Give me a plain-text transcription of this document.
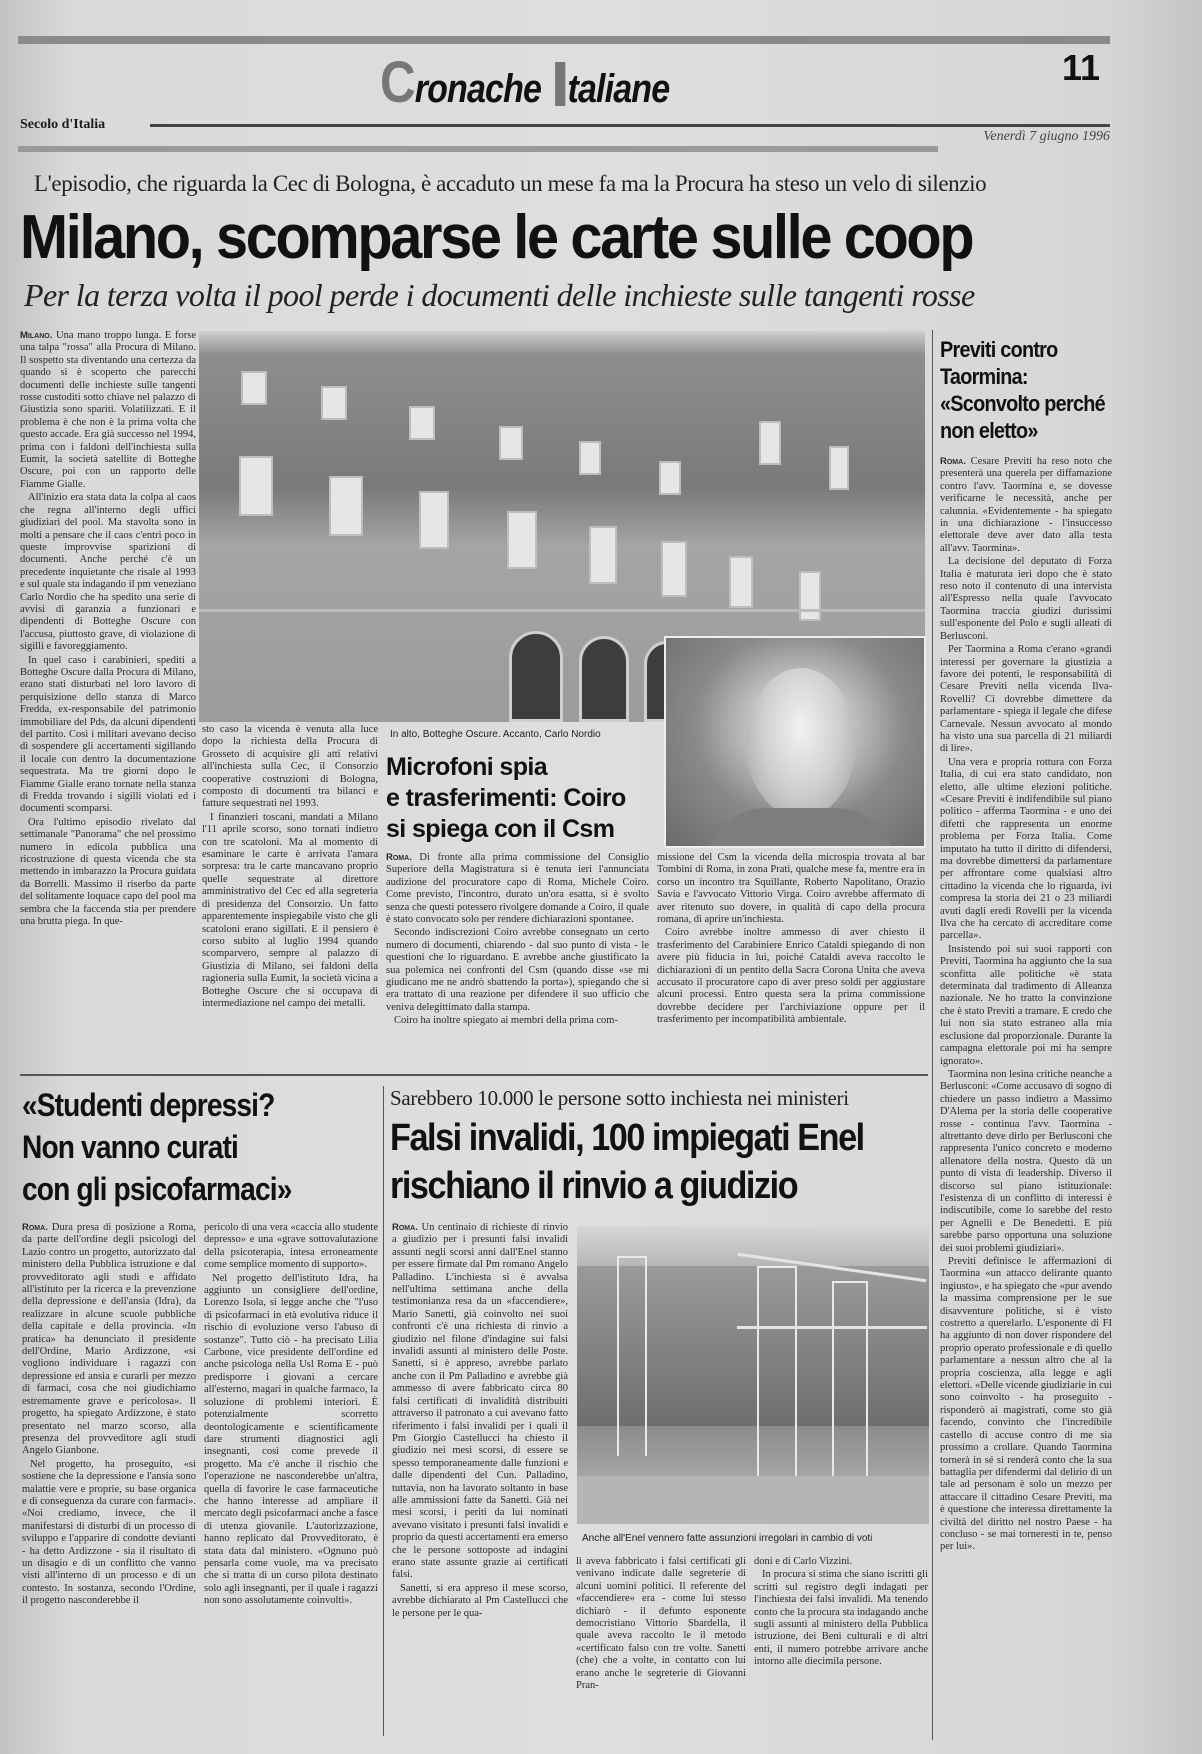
Cronache taliane	11
Secolo d'Italia
Venerdì 7 giugno 1996
L'episodio, che riguarda la Cec di Bologna, è accaduto un mese fa ma la Procura ha steso un velo di silenzio
Milano, scomparse le carte sulle coop
Per la terza volta il pool perde i documenti delle inchieste sulle tangenti rosse

Milano. Una mano troppo lunga. E forse una talpa "rossa" alla Procura di Milano. Il sospetto sta diventando una certezza da quando si è scoperto che parecchi documenti delle inchieste sulle tangenti rosse custoditi sotto chiave nel palazzo di Giustizia sono spariti. Volatilizzati. E il problema è che non è la prima volta che questo accade. Era già successo nel 1994, prima con i faldoni dell'inchiesta sulla Eumit, la società satellite di Botteghe Oscure, poi con un rapporto delle Fiamme Gialle.

All'inizio era stata data la colpa al caos che regna all'interno degli uffici giudiziari del pool. Ma stavolta sono in molti a pensare che il caos c'entri poco in queste improvvise sparizioni di documenti. Anche perché c'è un precedente inquietante che risale al 1993 e sul quale sta indagando il pm veneziano Carlo Nordio che ha spedito una serie di avvisi di garanzia a funzionari e dipendenti di Botteghe Oscure con l'accusa, piuttosto grave, di violazione di sigilli e favoreggiamento.

In quel caso i carabinieri, spediti a Botteghe Oscure dalla Procura di Milano, erano stati disturbati nel loro lavoro di perquisizione dello stanza di Marco Fredda, ex-responsabile del patrimonio immobiliare del Pds, da alcuni dipendenti del partito. Così i militari avevano deciso di sospendere gli accertamenti sigillando il locale con dentro la documentazione sequestrata. Ma tre giorni dopo le Fiamme Gialle erano tornate nella stanza di Fredda trovando i sigilli violati ed i documenti scomparsi.

Ora l'ultimo episodio rivelato dal settimanale "Panorama" che nel prossimo numero in edicola pubblica una ricostruzione di questa vicenda che sta mettendo in imbarazzo la Procura guidata da Borrelli. Massimo il riserbo da parte del solitamente loquace capo del pool ma sembra che la faccenda stia per prendere una brutta piega. In que-

In alto, Botteghe Oscure. Accanto, Carlo Nordio

sto caso la vicenda è venuta alla luce dopo la richiesta della Procura di Grosseto di acquisire gli atti relativi all'inchiesta sulla Cec, il Consorzio cooperative costruzioni di Bologna, composto di documenti tra bilanci e fatture sequestrati nel 1993.

I finanzieri toscani, mandati a Milano l'11 aprile scorso, sono tornati indietro con tre scatoloni. Ma al momento di esaminare le carte è arrivata l'amara sorpresa: tra le carte mancavano proprio quelle sequestrate al direttore amministrativo del Cec ed alla segreteria di presidenza del Consorzio. Un fatto apparentemente inspiegabile visto che gli scatoloni erano sigillati. E il pensiero è corso subito al luglio 1994 quando scomparvero, sempre al palazzo di Giustizia di Milano, sei faldoni della ragioneria sulla Eumit, la società vicina a Botteghe Oscure che si occupava di intermediazione nel campo dei metalli.

Microfoni spia
e trasferimenti: Coiro
si spiega con il Csm

Roma. Di fronte alla prima commissione del Consiglio Superiore della Magistratura si è tenuta ieri l'annunciata audizione del procuratore capo di Roma, Michele Coiro. Come previsto, l'incontro, durato un'ora esatta, si è svolto senza che questi potessero rivolgere domande a Coiro, il quale è stato convocato solo per rendere dichiarazioni spontanee.

Secondo indiscrezioni Coiro avrebbe consegnato un certo numero di documenti, chiarendo - dal suo punto di vista - le questioni che lo riguardano. E avrebbe anche giustificato la sua polemica nei confronti del Csm (quando disse «se mi giudicano me ne andrò sbattendo la porta»), spiegando che si era trattato di una reazione per difendere il suo ufficio che veniva delegittimato dalla stampa.

Coiro ha inoltre spiegato ai membri della prima com-

missione del Csm la vicenda della microspia trovata al bar Tombini di Roma, in zona Prati, qualche mese fa, mentre era in corso un incontro tra Squillante, Roberto Napolitano, Orazio Savia e l'avvocato Vittorio Virga. Coiro avrebbe affermato di aver ritenuto suo dovere, in qualità di capo della procura romana, di aprire un'inchiesta.

Coiro avrebbe inoltre ammesso di aver chiesto il trasferimento del Carabiniere Enrico Cataldi spiegando di non avere più fiducia in lui, poiché Cataldi aveva raccolto le dichiarazioni di un pentito della Sacra Corona Unita che aveva accusato il procuratore capo di aver preso soldi per aggiustare alcuni processi. Entro questa sera la prima commissione dovrebbe decidere per l'archiviazione oppure per il trasferimento per incompatibilità ambientale.

Previti contro
Taormina:
«Sconvolto perché
non eletto»

Roma. Cesare Previti ha reso noto che presenterà una querela per diffamazione contro l'avv. Taormina e, se dovesse verificarne le necessità, anche per calunnia. «Evidentemente - ha spiegato in una dichiarazione - l'insuccesso elettorale deve aver dato alla testa all'avv. Taormina».

La decisione del deputato di Forza Italia è maturata ieri dopo che è stato reso noto il contenuto di una intervista all'Espresso nella quale l'avvocato Taormina traccia giudizi durissimi sull'esponente del Polo e sugli alleati di Berlusconi.

Per Taormina a Roma c'erano «grandi interessi per governare la giustizia a favore dei potenti, le responsabilità di Cesare Previti nella vicenda Ilva-Rovelli? Ci dovrebbe dimettere da parlamentare - spiega il legale che difese Carnevale. Nessun avvocato al mondo ha visto una sua parcella di 21 miliardi di lire».

Una vera e propria rottura con Forza Italia, di cui era stato candidato, non eletto, alle ultime elezioni politiche. «Cesare Previti è indifendibile sul piano politico - afferma Taormina - e uno dei difetti che rappresenta un enorme problema per Forza Italia. Come imputato ha tutto il diritto di difendersi, ma dovrebbe dimettersi da parlamentare per affrontare come qualsiasi altro cittadino la vicenda che lo riguarda, ivi compresa la storia dei 21 o 23 miliardi avuti dagli eredi Rovelli per la vicenda Ilva che ha cercato di accreditare come parcella».

Insistendo poi sui suoi rapporti con Previti, Taormina ha aggiunto che la sua sconfitta alle politiche «è stata determinata dal tradimento di Alleanza nazionale. Ne ho tratto la convinzione che è stato Previti a tramare. E credo che lui non sia stato estraneo alla mia esclusione dal proporzionale. Durante la campagna elettorale poi mi ha sempre ignorato».

Taormina non lesina critiche neanche a Berlusconi: «Come accusavo di sogno di chiedere un passo indietro a Massimo D'Alema per la storia delle cooperative rosse - continua l'avv. Taormina - altrettanto deve dirlo per Berlusconi che rappresenta l'unico concreto e moderno allenatore della nostra. Questo dà un punto di vista di leadership. Diverso il discorso sul piano istituzionale: l'esistenza di un conflitto di interessi è indiscutibile, come lo sarebbe del resto per Agnelli e De Benedetti. E più sarebbe parso opportuna una soluzione dei suoi problemi giudiziari».

Previti definisce le affermazioni di Taormina «un attacco delirante quanto ingiusto», e ha spiegato che «pur avendo la massima comprensione per le sue disavventure politiche, si è visto costretto a querelarlo. L'esponente di FI ha aggiunto di non dover rispondere del proprio operato professionale e di quello parlamentare a nessun altro che al la propria coscienza, alla legge e agli elettori. «Delle vicende giudiziarie in cui sono coinvolto - ha proseguito - risponderò ai magistrati, come sto già facendo, convinto che l'incredibile castello di accuse contro di me sia prossimo a crollare. Quando Taormina tornerà in sé si renderà conto che la sua battaglia per difendermi dal delirio di un tale ad personam è solo un mezzo per attaccare il cittadino Cesare Previti, ma è questione che interessa direttamente la civiltà del diritto nel nostro Paese - ha concluso - se mai torneresti in te, penso per lui».

«Studenti depressi?
Non vanno curati
con gli psicofarmaci»

Roma. Dura presa di posizione a Roma, da parte dell'ordine degli psicologi del Lazio contro un progetto, autorizzato dal ministero della Pubblica istruzione e dal provveditorato agli studi e affidato all'istituto per la ricerca e la prevenzione della depressione e dell'ansia (Idra), da realizzare in alcune scuole pubbliche della capitale e della provincia. «In pratica» ha denunciato il presidente dell'Ordine, Mario Ardizzone, «si vogliono individuare i ragazzi con depressione ed ansia e curarli per mezzo di farmaci, cosa che noi giudichiamo estremamente grave e pericolosa». Il progetto, ha spiegato Ardizzone, è stato presentato nel marzo scorso, alla presenza del provveditore agli studi Angelo Gianbone.

Nel progetto, ha proseguito, «si sostiene che la depressione e l'ansia sono malattie vere e proprie, su base organica e di conseguenza da curare con farmaci». «Noi crediamo, invece, che il manifestarsi di disturbi di un processo di sviluppo e l'apparire di condotte devianti - ha detto Ardizzone - sia il risultato di un disagio e di un conflitto che vanno visti all'interno di un processo e di un contesto. In sostanza, secondo l'Ordine, il progetto nasconderebbe il

pericolo di una vera «caccia allo studente depresso» e una «grave sottovalutazione della psicoterapia, intesa erroneamente come semplice momento di supporto».

Nel progetto dell'istituto Idra, ha aggiunto un consigliere dell'ordine, Lorenzo Isola, si legge anche che "l'uso di psicofarmaci in età evolutiva riduce il rischio di evoluzione verso l'abuso di sostanze". Tutto ciò - ha precisato Lilia Carbone, vice presidente dell'ordine ed anche psicologa nella Usl Roma E - può predisporre i giovani a cercare all'esterno, magari in qualche farmaco, la soluzione di problemi interiori. È potenzialmente scorretto deontologicamente e scientificamente dare strumenti diagnostici agli insegnanti, così come prevede il progetto. Ma c'è anche il rischio che l'operazione ne nasconderebbe un'altra, quella di favorire le case farmaceutiche che hanno interesse ad ampliare il mercato degli psicofarmaci anche a fasce di utenza giovanile. L'autorizzazione, hanno replicato dal Provveditorato, è stata data dal ministero. «Ognuno può pensarla come vuole, ma va precisato che si tratta di un corso pilota destinato solo agli insegnanti, per il quale i ragazzi non sono assolutamente coinvolti».

Sarebbero 10.000 le persone sotto inchiesta nei ministeri
Falsi invalidi, 100 impiegati Enel
rischiano il rinvio a giudizio

Roma. Un centinaio di richieste di rinvio a giudizio per i presunti falsi invalidi assunti negli scorsi anni dall'Enel stanno per essere firmate dal Pm romano Angelo Palladino. L'inchiesta si è avvalsa nell'ultima settimana anche della testimonianza resa da un «faccendiere», Mario Sanetti, già coinvolto nei suoi confronti c'è una richiesta di rinvio a giudizio nel filone d'indagine sui falsi invalidi assunti al ministero delle Poste. Sanetti, si è appreso, avrebbe parlato anche con il Pm Palladino e avrebbe già ammesso di avere fabbricato circa 80 falsi certificati di invalidità distribuiti attraverso il patronato a cui avevano fatto riferimento i falsi invalidi per i quali il Pm Giorgio Castellucci ha chiesto il giudizio nei mesi scorsi, di essere se spesso temporaneamente dalle funzioni e dalle dipendenti del Cun. Palladino, tuttavia, non ha lavorato soltanto in base alle ammissioni fatte da Sanetti. Già nei mesi scorsi, i periti da lui nominati avevano visitato i presunti falsi invalidi e proprio da questi accertamenti era emerso che le persone sottoposte ad indagini erano state assunte grazie ai certificati falsi.

Sanetti, si era appreso il mese scorso, avrebbe dichiarato al Pm Castellucci che le persone per le qua-

Anche all'Enel vennero fatte assunzioni irregolari in cambio di voti

li aveva fabbricato i falsi certificati gli venivano indicate dalle segreterie di alcuni uomini politici. Il referente del «faccendiere» era - come lui stesso dichiarò - il defunto esponente democristiano Vittorio Sbardella, il quale aveva raccolto le il metodo «certificato falso con tre volte. Sanetti (che) che a volte, in contatto con lui erano anche le segreterie di Giovanni Pran-

doni e di Carlo Vizzini.

In procura si stima che siano iscritti gli scritti sul registro degli indagati per l'inchiesta dei falsi invalidi. Ma tenendo conto che la procura sta indagando anche sugli assunti al ministero della Pubblica istruzione, dei Beni culturali e di altri enti, il numero potrebbe arrivare anche intorno alle diecimila persone.
